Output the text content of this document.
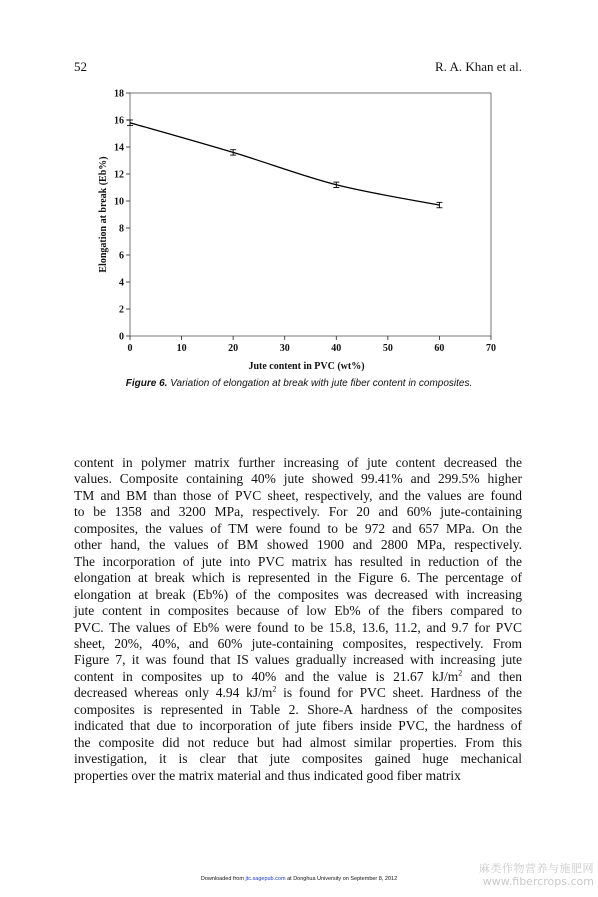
52	R. A. Khan et al.
0
2
4
6
8
10
12
14
16
18
0	10	20	30	40	50	60	70
Jute content in PVC (wt%)
Elongation at break (Eb%)
Figure 6. Variation of elongation at break with jute fiber content in composites.
content in polymer matrix further increasing of jute content decreased the
values. Composite containing 40% jute showed 99.41% and 299.5% higher
TM and BM than those of PVC sheet, respectively, and the values are found
to be 1358 and 3200 MPa, respectively. For 20 and 60% jute-containing
composites, the values of TM were found to be 972 and 657 MPa. On the
other hand, the values of BM showed 1900 and 2800 MPa, respectively.
The incorporation of jute into PVC matrix has resulted in reduction of the
elongation at break which is represented in the Figure 6. The percentage of
elongation at break (Eb%) of the composites was decreased with increasing
jute content in composites because of low Eb% of the fibers compared to
PVC. The values of Eb% were found to be 15.8, 13.6, 11.2, and 9.7 for PVC
sheet, 20%, 40%, and 60% jute-containing composites, respectively. From
Figure 7, it was found that IS values gradually increased with increasing jute
content in composites up to 40% and the value is 21.67 $kJ/m^2$ and then
decreased whereas only 4.94 $kJ/m^2$ is found for PVC sheet. Hardness of the
composites is represented in Table 2. Shore-A hardness of the composites
indicated that due to incorporation of jute fibers inside PVC, the hardness of
the composite did not reduce but had almost similar properties. From this
investigation, it is clear that jute composites gained huge mechanical
properties over the matrix material and thus indicated good fiber matrix
Downloaded from jtc.sagepub.com at Donghua University on September 8, 2012
麻类作物营养与施肥网
www.fibercrops.com
